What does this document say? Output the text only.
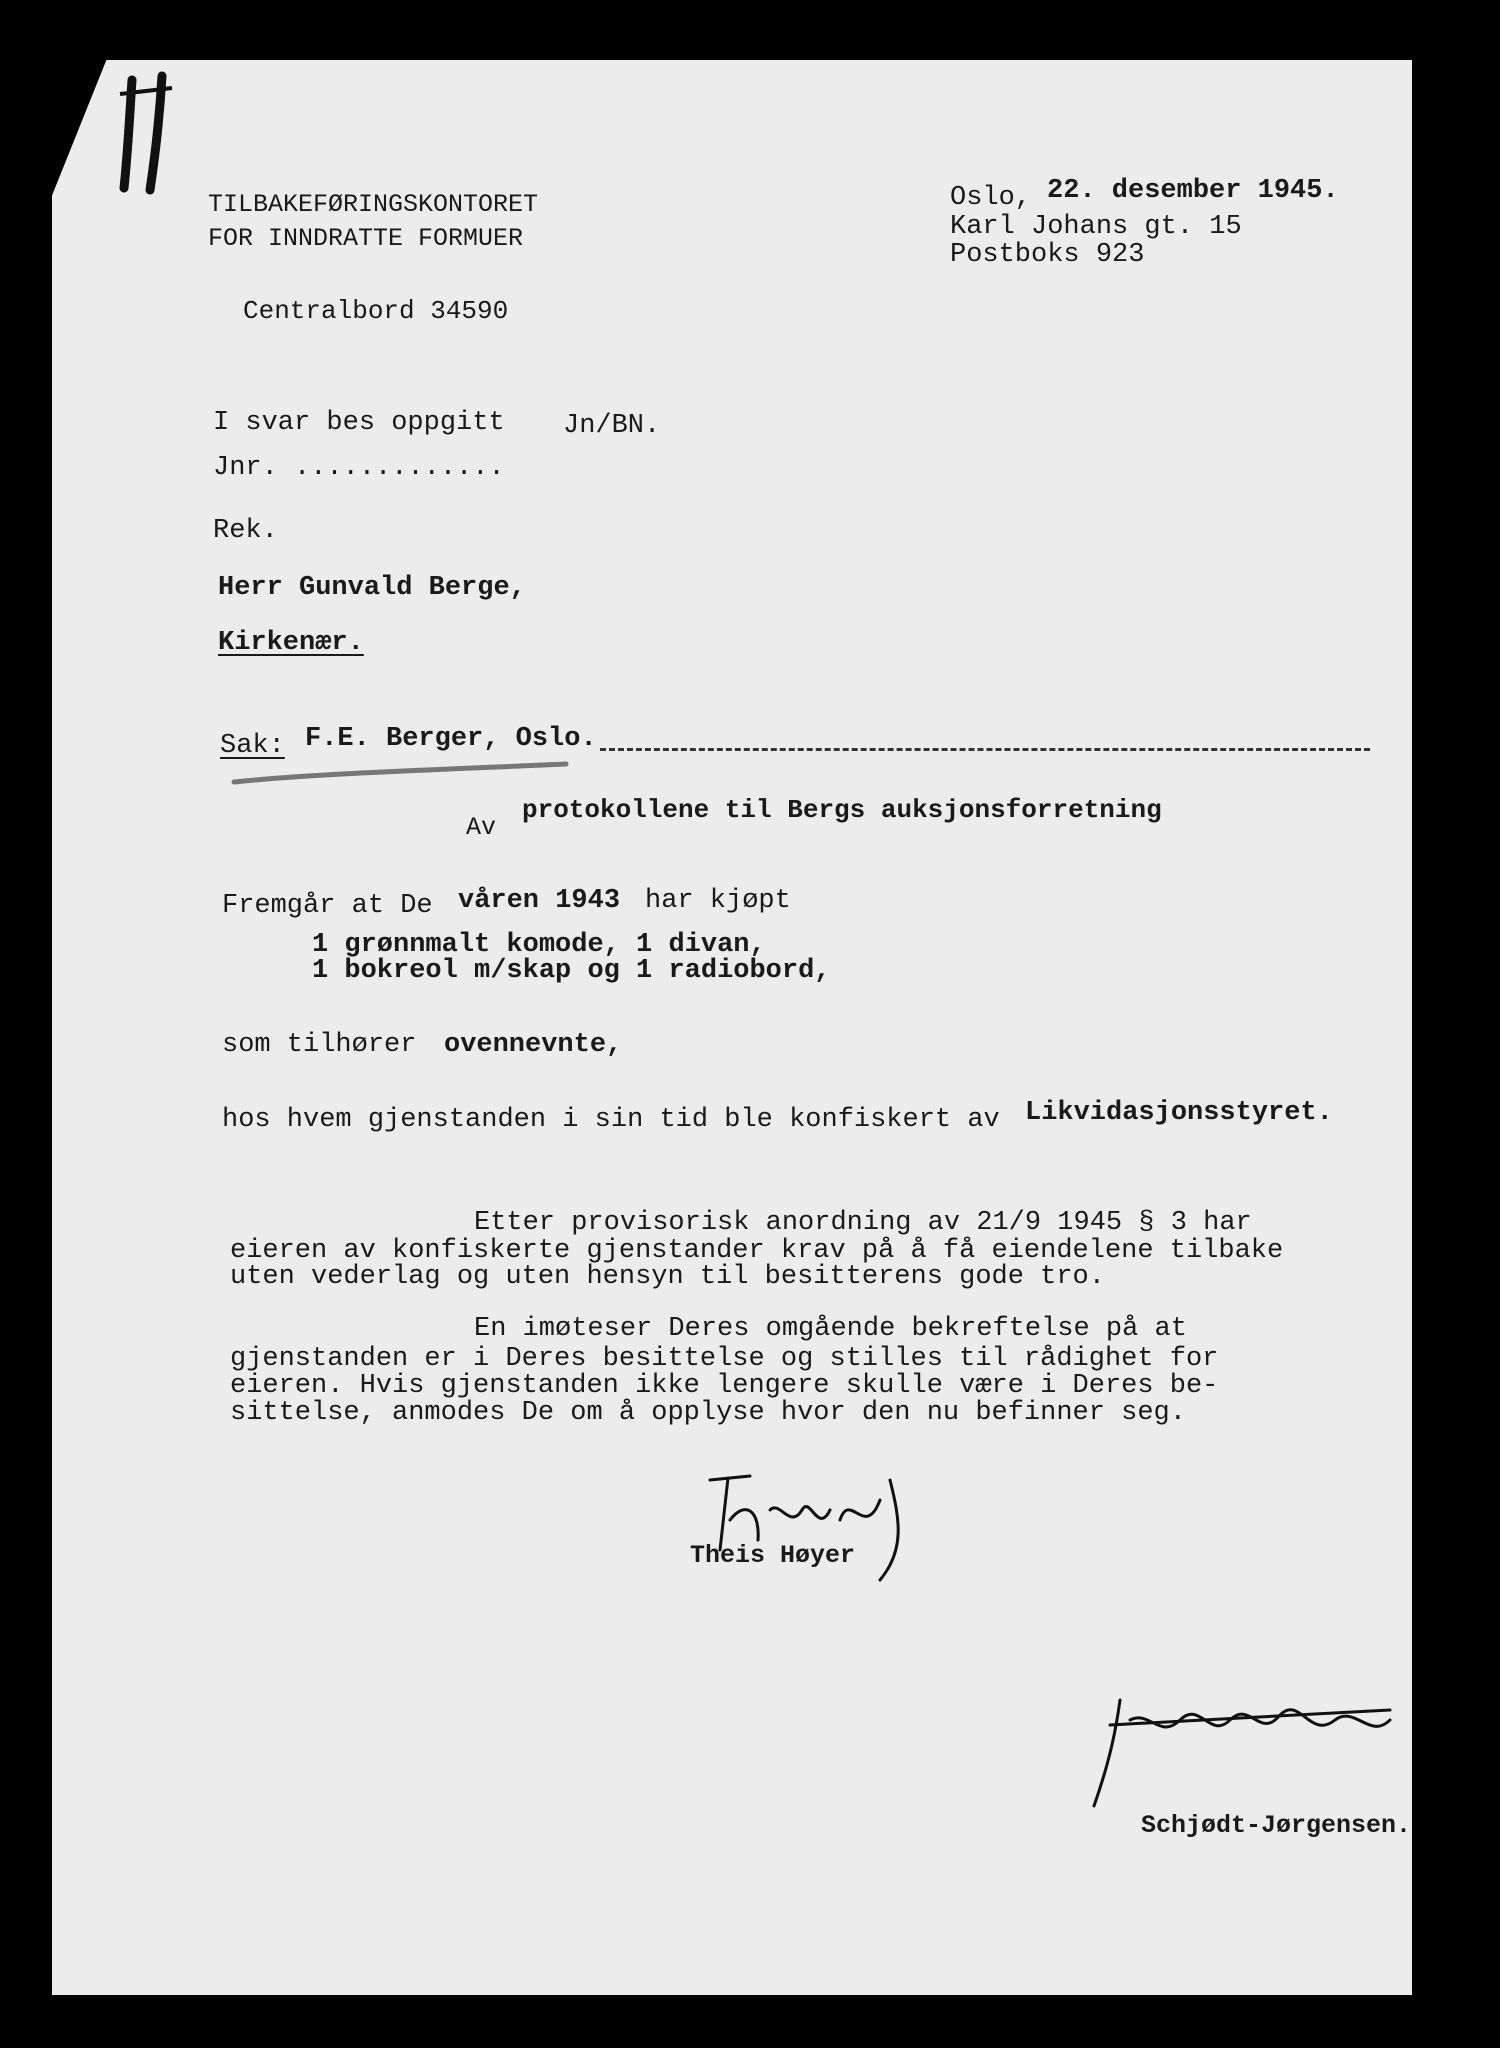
TILBAKEFØRINGSKONTORET
FOR INNDRATTE FORMUER
Centralbord 34590
Oslo, 22. desember 1945.
Karl Johans gt. 15
Postboks 923
I svar bes oppgitt Jn/BN.
Jnr. .............
Rek.
Herr Gunvald Berge,
Kirkenær.
Sak: F.E. Berger, Oslo.
Av
protokollene til Bergs auksjonsforretning
Fremgår at De våren 1943 har kjøpt
1 grønnmalt komode, 1 divan,
1 bokreol m/skap og 1 radiobord,
som tilhører ovennevnte,
hos hvem gjenstanden i sin tid ble konfiskert av Likvidasjonsstyret.
Etter provisorisk anordning av 21/9 1945 § 3 har
eieren av konfiskerte gjenstander krav på å få eiendelene tilbake
uten vederlag og uten hensyn til besitterens gode tro.
En imøteser Deres omgående bekreftelse på at
gjenstanden er i Deres besittelse og stilles til rådighet for
eieren. Hvis gjenstanden ikke lengere skulle være i Deres be-
sittelse, anmodes De om å opplyse hvor den nu befinner seg.
Theis Høyer
Schjødt-Jørgensen.
